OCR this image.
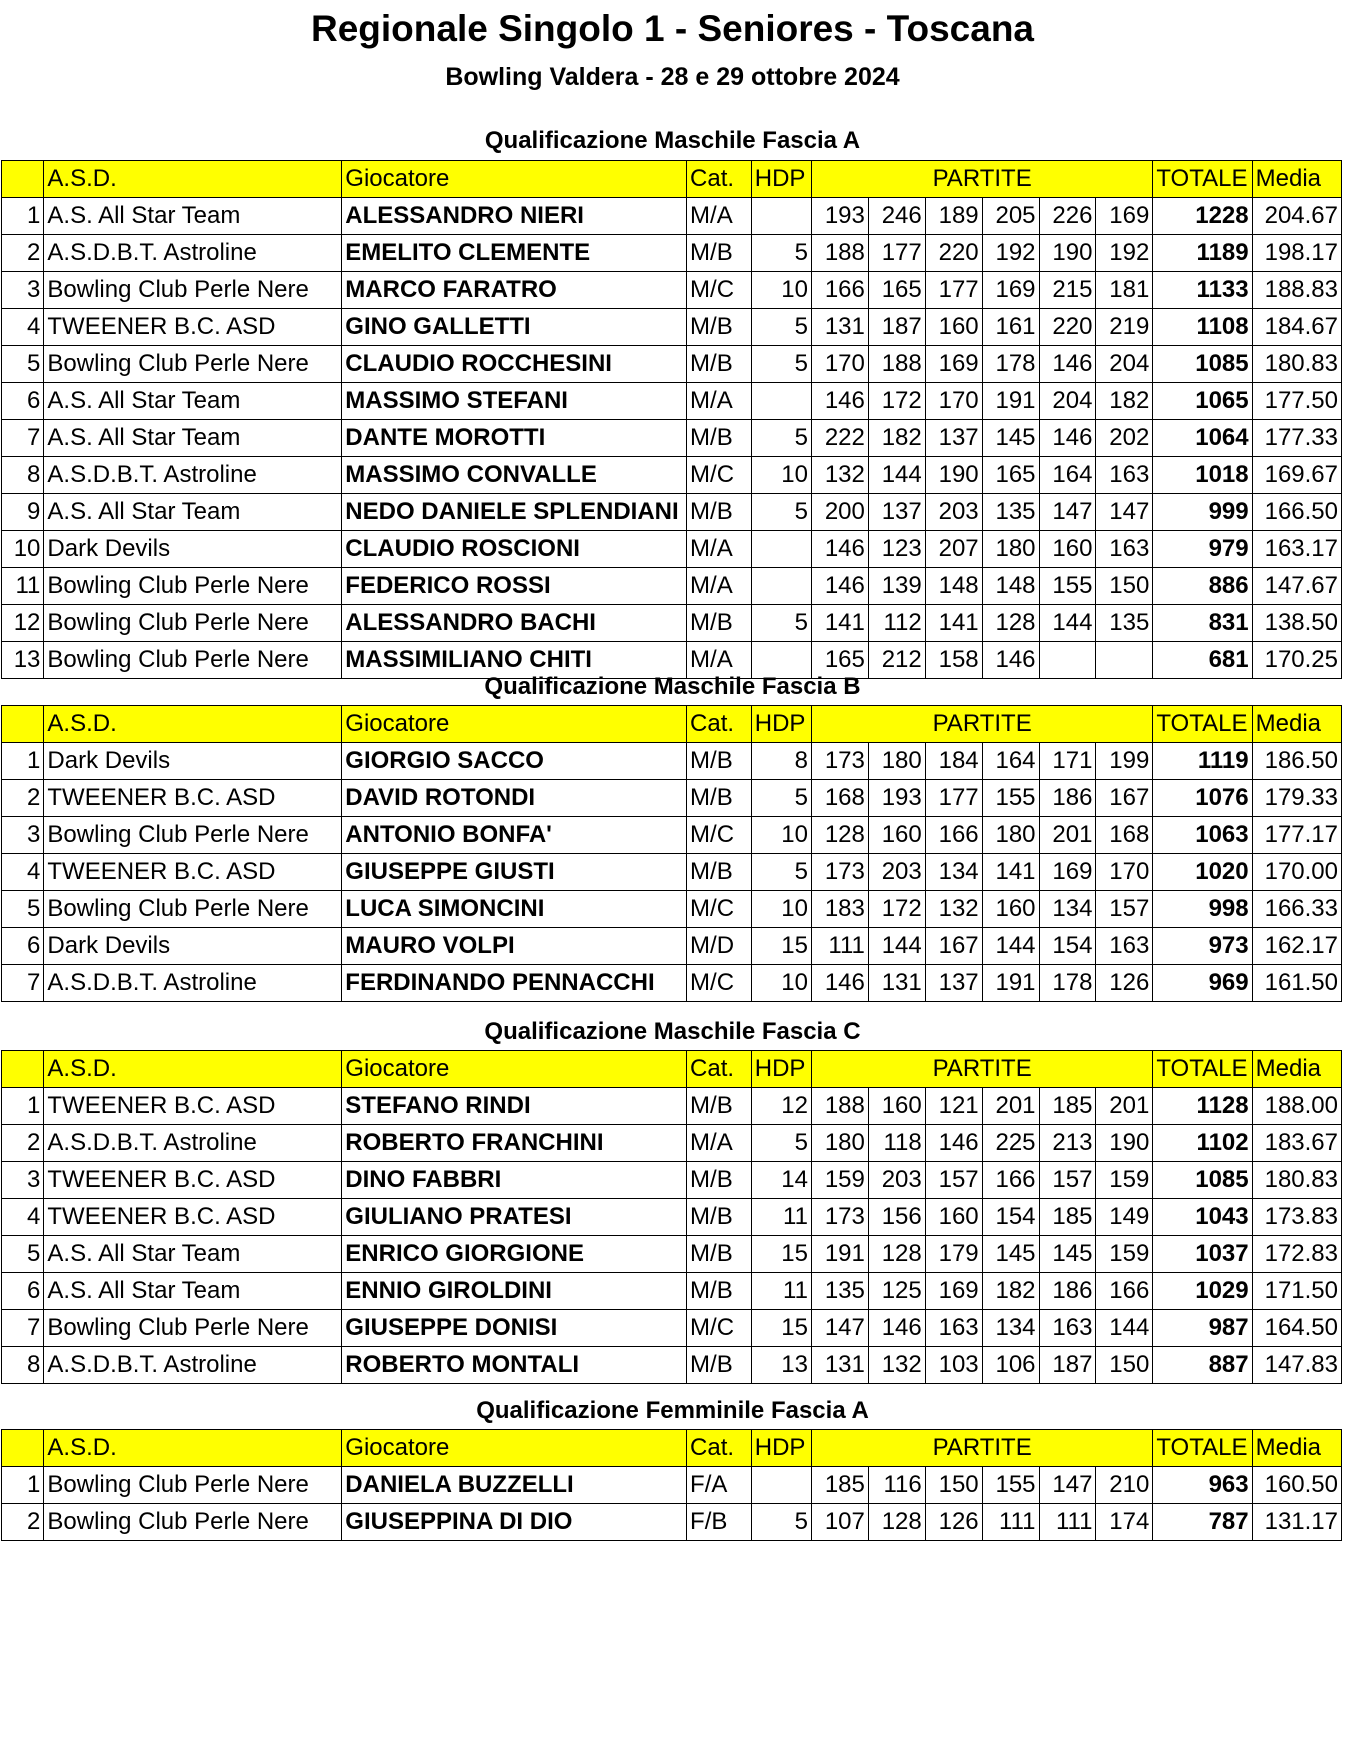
Regionale Singolo 1 - Seniores - Toscana
Bowling Valdera - 28 e 29 ottobre 2024
Qualificazione Maschile Fascia A
	A.S.D.	Giocatore	Cat.	HDP	PARTITE						TOTALE	Media
1	A.S. All Star Team	ALESSANDRO NIERI	M/A		193	246	189	205	226	169	1228	204.67
2	A.S.D.B.T. Astroline	EMELITO CLEMENTE	M/B	5	188	177	220	192	190	192	1189	198.17
3	Bowling Club Perle Nere	MARCO FARATRO	M/C	10	166	165	177	169	215	181	1133	188.83
4	TWEENER B.C. ASD	GINO GALLETTI	M/B	5	131	187	160	161	220	219	1108	184.67
5	Bowling Club Perle Nere	CLAUDIO ROCCHESINI	M/B	5	170	188	169	178	146	204	1085	180.83
6	A.S. All Star Team	MASSIMO STEFANI	M/A		146	172	170	191	204	182	1065	177.50
7	A.S. All Star Team	DANTE MOROTTI	M/B	5	222	182	137	145	146	202	1064	177.33
8	A.S.D.B.T. Astroline	MASSIMO CONVALLE	M/C	10	132	144	190	165	164	163	1018	169.67
9	A.S. All Star Team	NEDO DANIELE SPLENDIANI	M/B	5	200	137	203	135	147	147	999	166.50
10	Dark Devils	CLAUDIO ROSCIONI	M/A		146	123	207	180	160	163	979	163.17
11	Bowling Club Perle Nere	FEDERICO ROSSI	M/A		146	139	148	148	155	150	886	147.67
12	Bowling Club Perle Nere	ALESSANDRO BACHI	M/B	5	141	112	141	128	144	135	831	138.50
13	Bowling Club Perle Nere	MASSIMILIANO CHITI	M/A		165	212	158	146			681	170.25
Qualificazione Maschile Fascia B
	A.S.D.	Giocatore	Cat.	HDP	PARTITE						TOTALE	Media
1	Dark Devils	GIORGIO SACCO	M/B	8	173	180	184	164	171	199	1119	186.50
2	TWEENER B.C. ASD	DAVID ROTONDI	M/B	5	168	193	177	155	186	167	1076	179.33
3	Bowling Club Perle Nere	ANTONIO BONFA'	M/C	10	128	160	166	180	201	168	1063	177.17
4	TWEENER B.C. ASD	GIUSEPPE GIUSTI	M/B	5	173	203	134	141	169	170	1020	170.00
5	Bowling Club Perle Nere	LUCA SIMONCINI	M/C	10	183	172	132	160	134	157	998	166.33
6	Dark Devils	MAURO VOLPI	M/D	15	111	144	167	144	154	163	973	162.17
7	A.S.D.B.T. Astroline	FERDINANDO PENNACCHI	M/C	10	146	131	137	191	178	126	969	161.50
Qualificazione Maschile Fascia C
	A.S.D.	Giocatore	Cat.	HDP	PARTITE						TOTALE	Media
1	TWEENER B.C. ASD	STEFANO RINDI	M/B	12	188	160	121	201	185	201	1128	188.00
2	A.S.D.B.T. Astroline	ROBERTO FRANCHINI	M/A	5	180	118	146	225	213	190	1102	183.67
3	TWEENER B.C. ASD	DINO FABBRI	M/B	14	159	203	157	166	157	159	1085	180.83
4	TWEENER B.C. ASD	GIULIANO PRATESI	M/B	11	173	156	160	154	185	149	1043	173.83
5	A.S. All Star Team	ENRICO GIORGIONE	M/B	15	191	128	179	145	145	159	1037	172.83
6	A.S. All Star Team	ENNIO GIROLDINI	M/B	11	135	125	169	182	186	166	1029	171.50
7	Bowling Club Perle Nere	GIUSEPPE DONISI	M/C	15	147	146	163	134	163	144	987	164.50
8	A.S.D.B.T. Astroline	ROBERTO MONTALI	M/B	13	131	132	103	106	187	150	887	147.83
Qualificazione Femminile Fascia A
	A.S.D.	Giocatore	Cat.	HDP	PARTITE						TOTALE	Media
1	Bowling Club Perle Nere	DANIELA BUZZELLI	F/A		185	116	150	155	147	210	963	160.50
2	Bowling Club Perle Nere	GIUSEPPINA DI DIO	F/B	5	107	128	126	111	111	174	787	131.17
